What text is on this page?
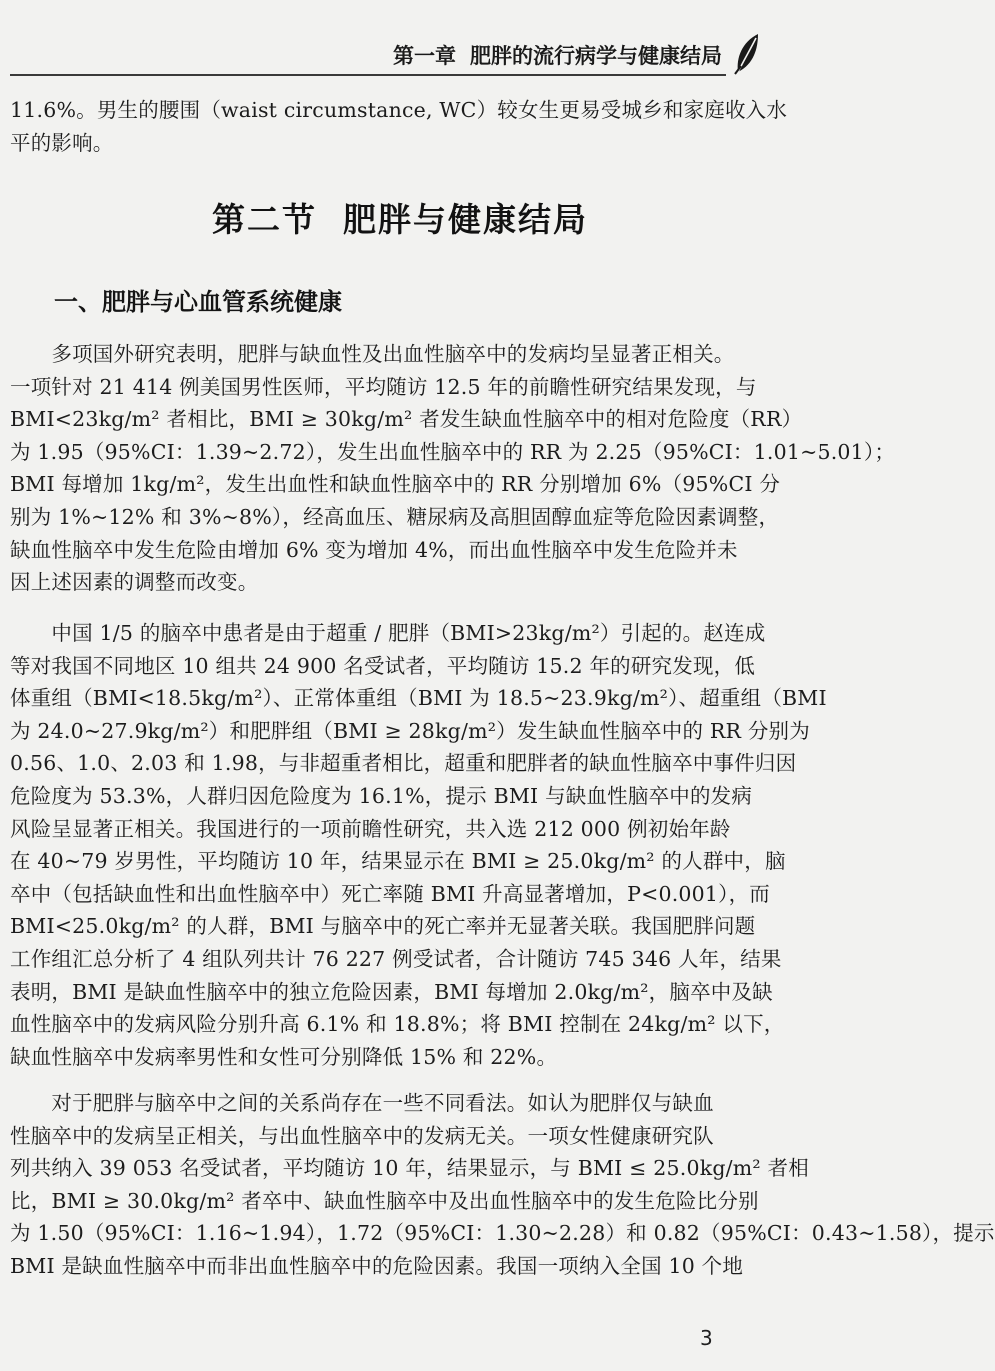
第一章 肥胖的流行病学与健康结局
11.6%。男生的腰围（waist circumstance, WC）较女生更易受城乡和家庭收入水
平的影响。
第二节 肥胖与健康结局
一、肥胖与心血管系统健康
　　多项国外研究表明，肥胖与缺血性及出血性脑卒中的发病均呈显著正相关。
一项针对 21 414 例美国男性医师，平均随访 12.5 年的前瞻性研究结果发现，与
BMI<23kg/m² 者相比，BMI ≥ 30kg/m² 者发生缺血性脑卒中的相对危险度（RR）
为 1.95（95%CI：1.39~2.72），发生出血性脑卒中的 RR 为 2.25（95%CI：1.01~5.01）；
BMI 每增加 1kg/m²，发生出血性和缺血性脑卒中的 RR 分别增加 6%（95%CI 分
别为 1%~12% 和 3%~8%），经高血压、糖尿病及高胆固醇血症等危险因素调整，
缺血性脑卒中发生危险由增加 6% 变为增加 4%，而出血性脑卒中发生危险并未
因上述因素的调整而改变。
　　中国 1/5 的脑卒中患者是由于超重 / 肥胖（BMI>23kg/m²）引起的。赵连成
等对我国不同地区 10 组共 24 900 名受试者，平均随访 15.2 年的研究发现，低
体重组（BMI<18.5kg/m²）、正常体重组（BMI 为 18.5~23.9kg/m²）、超重组（BMI
为 24.0~27.9kg/m²）和肥胖组（BMI ≥ 28kg/m²）发生缺血性脑卒中的 RR 分别为
0.56、1.0、2.03 和 1.98，与非超重者相比，超重和肥胖者的缺血性脑卒中事件归因
危险度为 53.3%，人群归因危险度为 16.1%，提示 BMI 与缺血性脑卒中的发病
风险呈显著正相关。我国进行的一项前瞻性研究，共入选 212 000 例初始年龄
在 40~79 岁男性，平均随访 10 年，结果显示在 BMI ≥ 25.0kg/m² 的人群中，脑
卒中（包括缺血性和出血性脑卒中）死亡率随 BMI 升高显著增加，P<0.001），而
BMI<25.0kg/m² 的人群，BMI 与脑卒中的死亡率并无显著关联。我国肥胖问题
工作组汇总分析了 4 组队列共计 76 227 例受试者，合计随访 745 346 人年，结果
表明，BMI 是缺血性脑卒中的独立危险因素，BMI 每增加 2.0kg/m²，脑卒中及缺
血性脑卒中的发病风险分别升高 6.1% 和 18.8%；将 BMI 控制在 24kg/m² 以下，
缺血性脑卒中发病率男性和女性可分别降低 15% 和 22%。
　　对于肥胖与脑卒中之间的关系尚存在一些不同看法。如认为肥胖仅与缺血
性脑卒中的发病呈正相关，与出血性脑卒中的发病无关。一项女性健康研究队
列共纳入 39 053 名受试者，平均随访 10 年，结果显示，与 BMI ≤ 25.0kg/m² 者相
比，BMI ≥ 30.0kg/m² 者卒中、缺血性脑卒中及出血性脑卒中的发生危险比分别
为 1.50（95%CI：1.16~1.94），1.72（95%CI：1.30~2.28）和 0.82（95%CI：0.43~1.58），提示
BMI 是缺血性脑卒中而非出血性脑卒中的危险因素。我国一项纳入全国 10 个地
3
